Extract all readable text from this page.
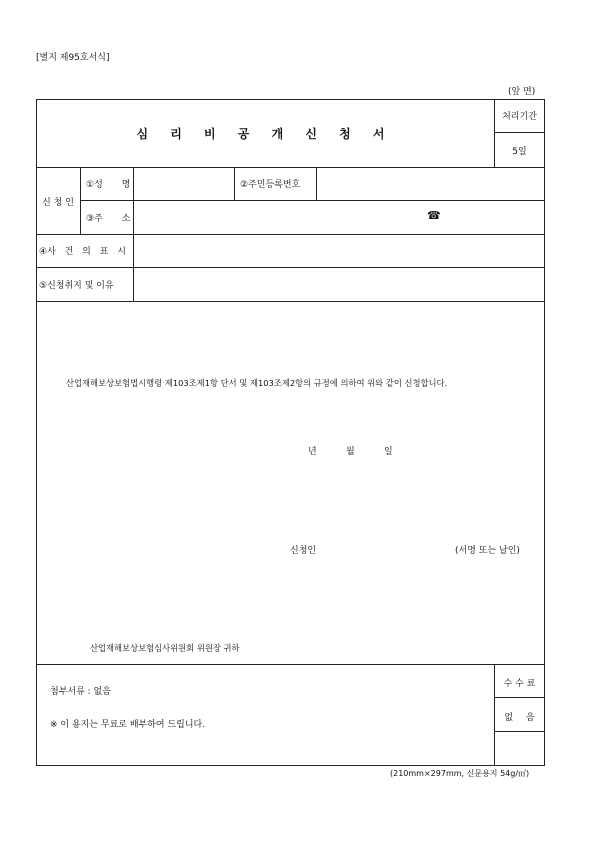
[별지 제95호서식]
(앞 면)
심 리 비 공 개 신 청 서
처리기간
5일
신 청 인
①성 명	②주민등록번호
③주 소	☎
④사 건 의 표 시
⑤신청취지 및 이유
산업재해보상보험법시행령 제103조제1항 단서 및 제103조제2항의 규정에 의하여 위와 같이 신청합니다.
년	월	일
신청인	(서명 또는 날인)
산업재해보상보험심사위원회 위원장 귀하
첨부서류 : 없음
※ 이 용지는 무료로 배부하여 드립니다.
수 수 료
없 음
(210mm×297mm, 신문용지 54g/㎡)
